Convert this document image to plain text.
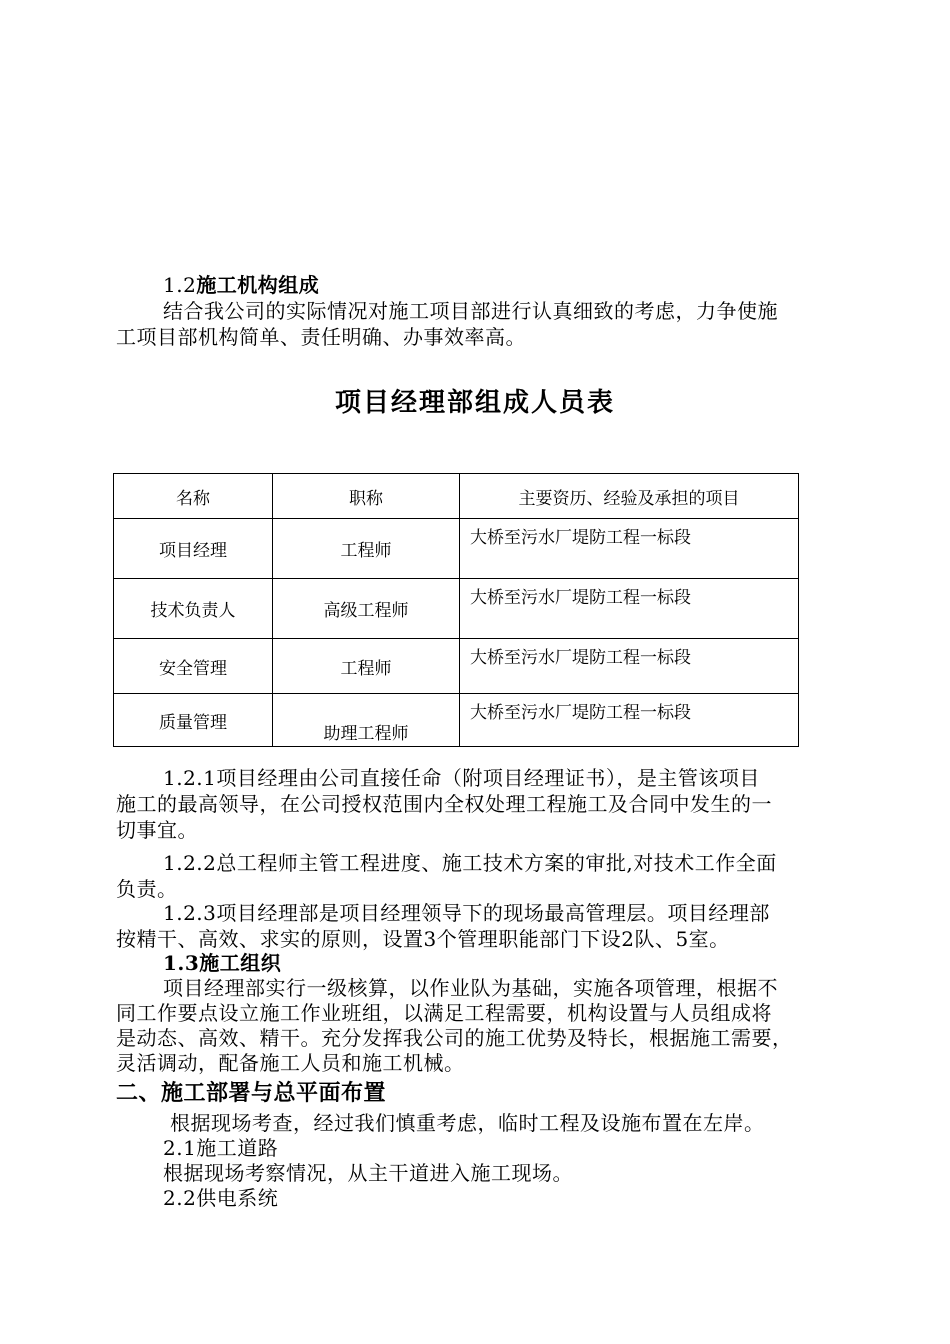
1.2施工机构组成
结合我公司的实际情况对施工项目部进行认真细致的考虑，力争使施
工项目部机构简单、责任明确、办事效率高。
项目经理部组成人员表
名称	职称	主要资历、经验及承担的项目
项目经理	工程师	大桥至污水厂堤防工程一标段
技术负责人	高级工程师	大桥至污水厂堤防工程一标段
安全管理	工程师	大桥至污水厂堤防工程一标段
质量管理	助理工程师	大桥至污水厂堤防工程一标段
1.2.1项目经理由公司直接任命（附项目经理证书），是主管该项目
施工的最高领导，在公司授权范围内全权处理工程施工及合同中发生的一
切事宜。
1.2.2总工程师主管工程进度、施工技术方案的审批,对技术工作全面
负责。
1.2.3项目经理部是项目经理领导下的现场最高管理层。项目经理部
按精干、高效、求实的原则，设置3个管理职能部门下设2队、5室。
1.3施工组织
项目经理部实行一级核算，以作业队为基础，实施各项管理，根据不
同工作要点设立施工作业班组，以满足工程需要，机构设置与人员组成将
是动态、高效、精干。充分发挥我公司的施工优势及特长，根据施工需要，
灵活调动，配备施工人员和施工机械。
二、施工部署与总平面布置
根据现场考查，经过我们慎重考虑，临时工程及设施布置在左岸。
2.1施工道路
根据现场考察情况，从主干道进入施工现场。
2.2供电系统
